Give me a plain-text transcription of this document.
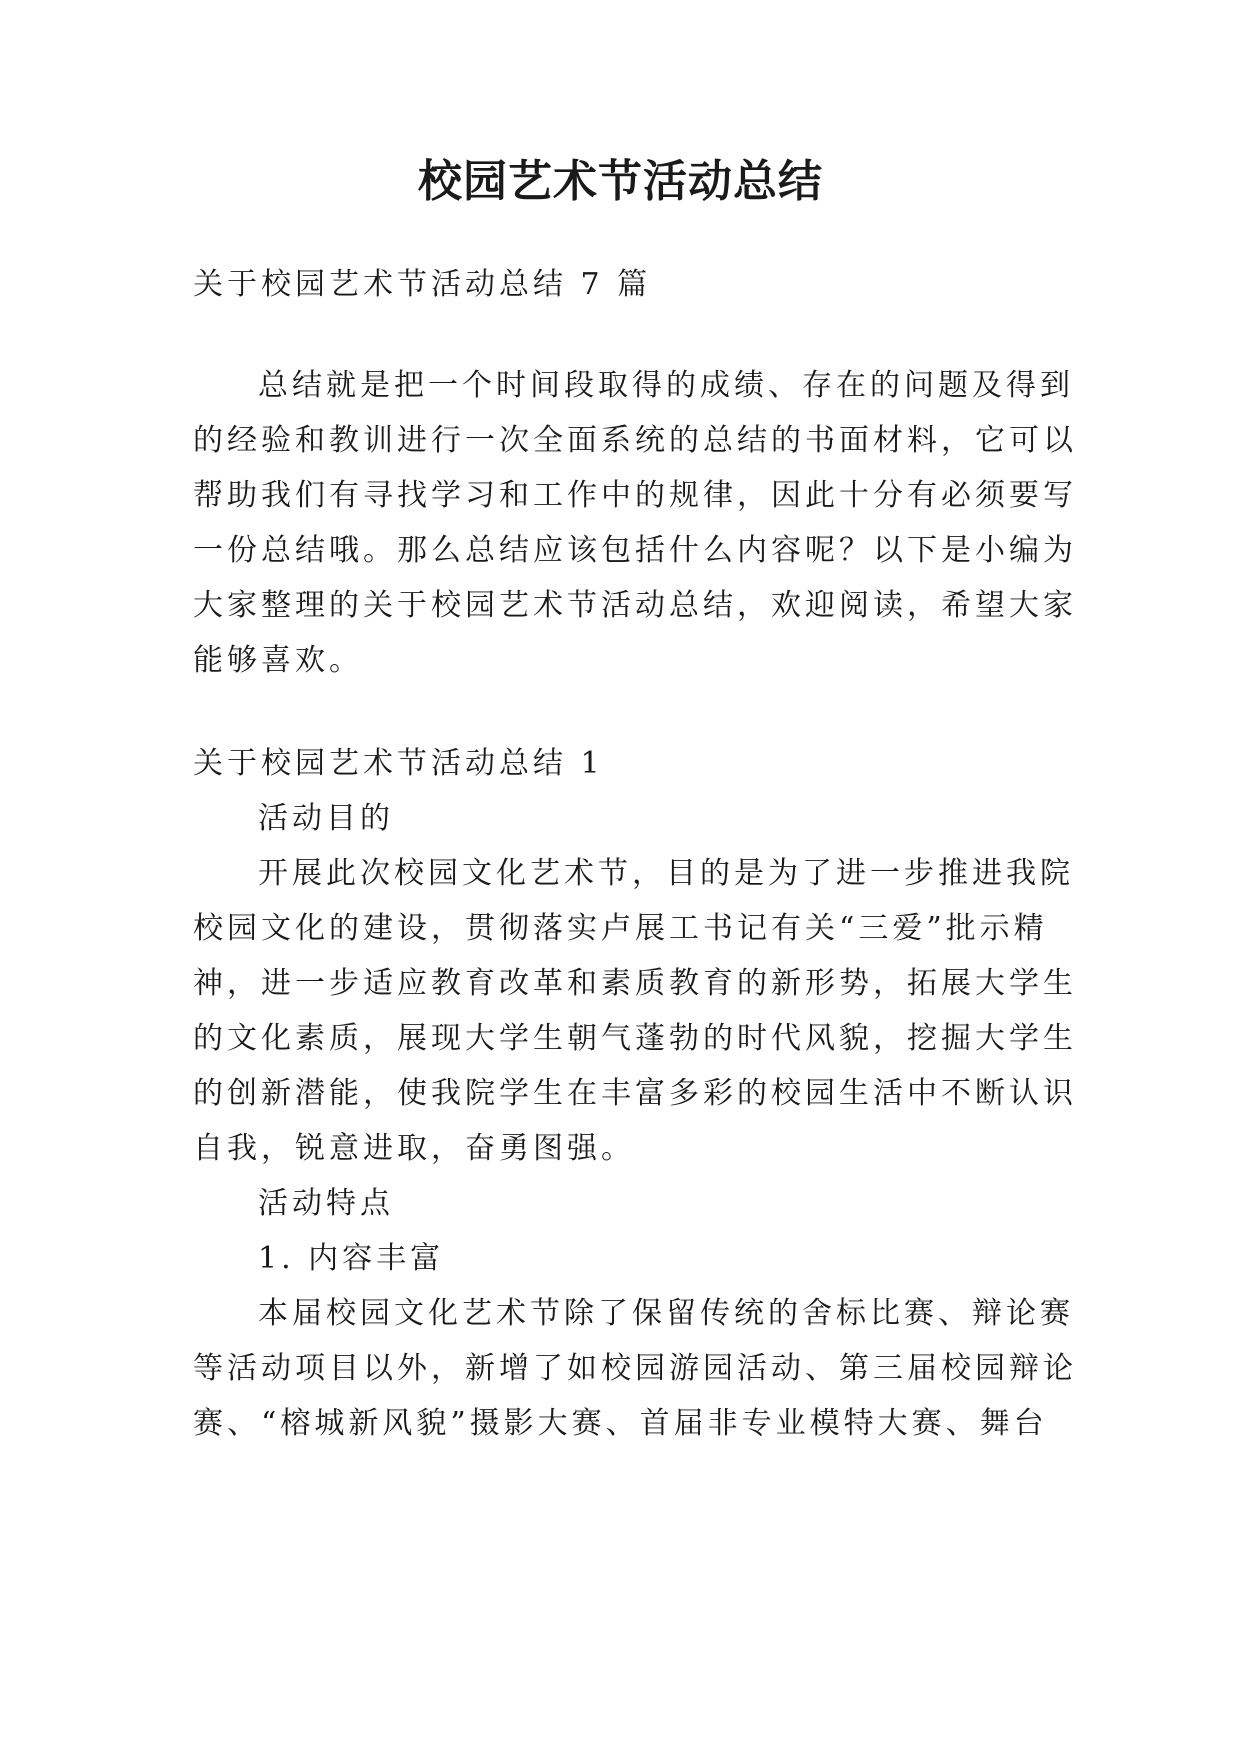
校园艺术节活动总结
关于校园艺术节活动总结 7 篇
总结就是把一个时间段取得的成绩、存在的问题及得到
的经验和教训进行一次全面系统的总结的书面材料，它可以
帮助我们有寻找学习和工作中的规律，因此十分有必须要写
一份总结哦。那么总结应该包括什么内容呢？以下是小编为
大家整理的关于校园艺术节活动总结，欢迎阅读，希望大家
能够喜欢。
关于校园艺术节活动总结 1
活动目的
开展此次校园文化艺术节，目的是为了进一步推进我院
校园文化的建设，贯彻落实卢展工书记有关“三爱”批示精
神，进一步适应教育改革和素质教育的新形势，拓展大学生
的文化素质，展现大学生朝气蓬勃的时代风貌，挖掘大学生
的创新潜能，使我院学生在丰富多彩的校园生活中不断认识
自我，锐意进取，奋勇图强。
活动特点
1. 内容丰富
本届校园文化艺术节除了保留传统的舍标比赛、辩论赛
等活动项目以外，新增了如校园游园活动、第三届校园辩论
赛、“榕城新风貌”摄影大赛、首届非专业模特大赛、舞台
